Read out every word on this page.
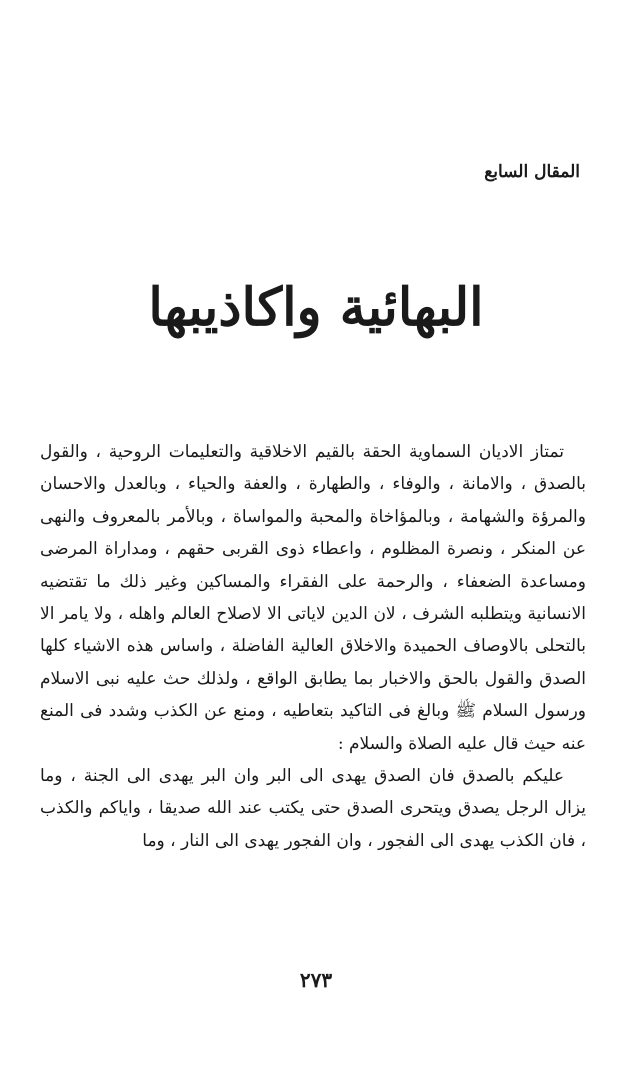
المقال السابع
البهائية واكاذيبها

تمتاز الاديان السماوية الحقة بالقيم الاخلاقية والتعليمات الروحية ، والقول بالصدق ، والامانة ، والوفاء ، والطهارة ، والعفة والحياء ، وبالعدل والاحسان والمرؤة والشهامة ، وبالمؤاخاة والمحبة والمواساة ، وبالأمر بالمعروف والنهى عن المنكر ، ونصرة المظلوم ، واعطاء ذوى القربى حقهم ، ومداراة المرضى ومساعدة الضعفاء ، والرحمة على الفقراء والمساكين وغير ذلك ما تقتضيه الانسانية ويتطلبه الشرف ، لان الدين لاياتى الا لاصلاح العالم واهله ، ولا يامر الا بالتحلى بالاوصاف الحميدة والاخلاق العالية الفاضلة ، واساس هذه الاشياء كلها الصدق والقول بالحق والاخبار بما يطابق الواقع ، ولذلك حث عليه نبى الاسلام ورسول السلام ﷺ وبالغ فى التاكيد بتعاطيه ، ومنع عن الكذب وشدد فى المنع عنه حيث قال عليه الصلاة والسلام :

عليكم بالصدق فان الصدق يهدى الى البر وان البر يهدى الى الجنة ، وما يزال الرجل يصدق ويتحرى الصدق حتى يكتب عند الله صديقا ، واياكم والكذب ، فان الكذب يهدى الى الفجور ، وان الفجور يهدى الى النار ، وما

٢٧٣
